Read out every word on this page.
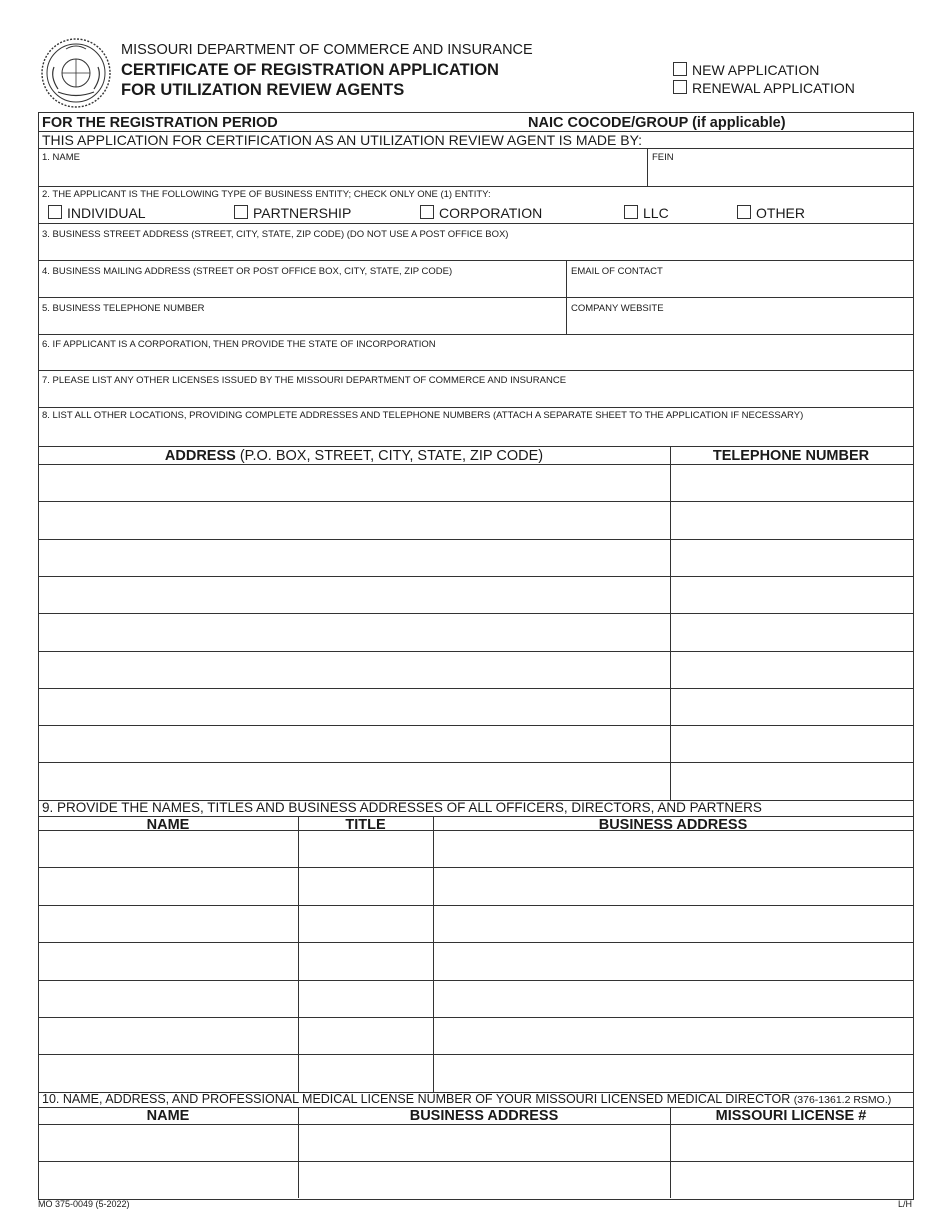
MISSOURI DEPARTMENT OF COMMERCE AND INSURANCE
CERTIFICATE OF REGISTRATION APPLICATION
FOR UTILIZATION REVIEW AGENTS
NEW APPLICATION
RENEWAL APPLICATION
FOR THE REGISTRATION PERIOD	NAIC COCODE/GROUP (if applicable)
THIS APPLICATION FOR CERTIFICATION AS AN UTILIZATION REVIEW AGENT IS MADE BY:
1. NAME	FEIN
2. THE APPLICANT IS THE FOLLOWING TYPE OF BUSINESS ENTITY; CHECK ONLY ONE (1) ENTITY:
INDIVIDUAL	PARTNERSHIP	CORPORATION	LLC	OTHER
3. BUSINESS STREET ADDRESS (STREET, CITY, STATE, ZIP CODE) (DO NOT USE A POST OFFICE BOX)
4. BUSINESS MAILING ADDRESS (STREET OR POST OFFICE BOX, CITY, STATE, ZIP CODE)	EMAIL OF CONTACT
5. BUSINESS TELEPHONE NUMBER	COMPANY WEBSITE
6. IF APPLICANT IS A CORPORATION, THEN PROVIDE THE STATE OF INCORPORATION
7. PLEASE LIST ANY OTHER LICENSES ISSUED BY THE MISSOURI DEPARTMENT OF COMMERCE AND INSURANCE
8. LIST ALL OTHER LOCATIONS, PROVIDING COMPLETE ADDRESSES AND TELEPHONE NUMBERS (ATTACH A SEPARATE SHEET TO THE APPLICATION IF NECESSARY)
ADDRESS (P.O. BOX, STREET, CITY, STATE, ZIP CODE)	TELEPHONE NUMBER
9. PROVIDE THE NAMES, TITLES AND BUSINESS ADDRESSES OF ALL OFFICERS, DIRECTORS, AND PARTNERS
NAME	TITLE	BUSINESS ADDRESS
10. NAME, ADDRESS, AND PROFESSIONAL MEDICAL LICENSE NUMBER OF YOUR MISSOURI LICENSED MEDICAL DIRECTOR (376-1361.2 RSMO.)
NAME	BUSINESS ADDRESS	MISSOURI LICENSE #
MO 375-0049 (5-2022)	L/H
